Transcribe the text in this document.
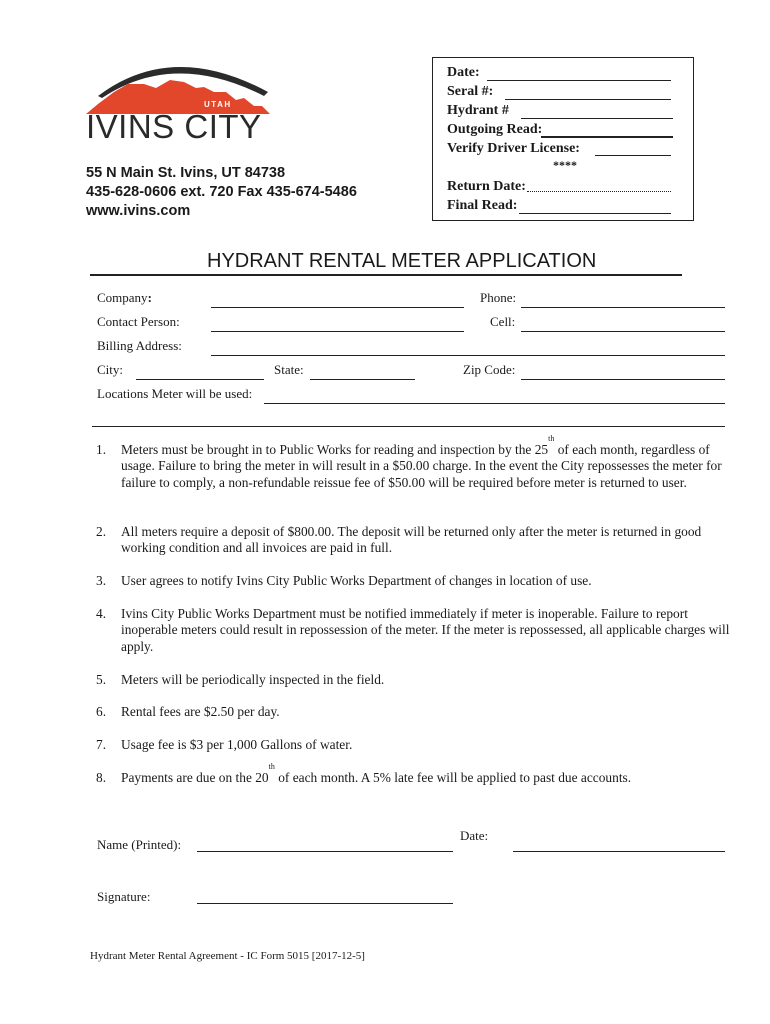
UTAH
IVINS CITY
55 N Main St. Ivins, UT 84738
435-628-0606 ext. 720 Fax 435-674-5486
www.ivins.com
Date:
Seral #:
Hydrant #
Outgoing Read:
Verify Driver License:
****
Return Date:
Final Read:
HYDRANT RENTAL METER APPLICATION
Company:	Phone:
Contact Person:	Cell:
Billing Address:
City:	State:	Zip Code:
Locations Meter will be used:
1. Meters must be brought in to Public Works for reading and inspection by the 25th of each month, regardless of usage. Failure to bring the meter in will result in a $50.00 charge. In the event the City repossesses the meter for failure to comply, a non-refundable reissue fee of $50.00 will be required before meter is returned to user.
2. All meters require a deposit of $800.00. The deposit will be returned only after the meter is returned in good working condition and all invoices are paid in full.
3. User agrees to notify Ivins City Public Works Department of changes in location of use.
4. Ivins City Public Works Department must be notified immediately if meter is inoperable. Failure to report inoperable meters could result in repossession of the meter. If the meter is repossessed, all applicable charges will apply.
5. Meters will be periodically inspected in the field.
6. Rental fees are $2.50 per day.
7. Usage fee is $3 per 1,000 Gallons of water.
8. Payments are due on the 20th of each month. A 5% late fee will be applied to past due accounts.
Name (Printed):
Date:
Signature:
Hydrant Meter Rental Agreement - IC Form 5015 [2017-12-5]
